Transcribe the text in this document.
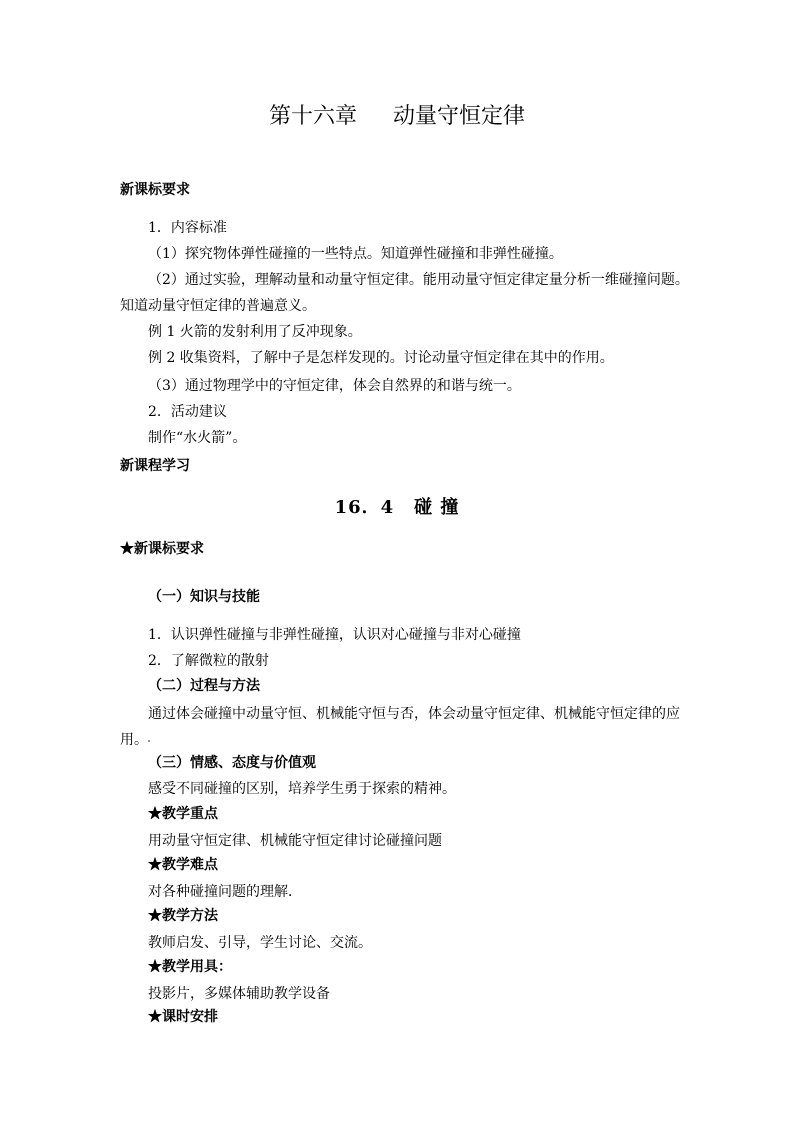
第十六章 动量守恒定律
新课标要求
1．内容标准
（1）探究物体弹性碰撞的一些特点。知道弹性碰撞和非弹性碰撞。
（2）通过实验，理解动量和动量守恒定律。能用动量守恒定律定量分析一维碰撞问题。
知道动量守恒定律的普遍意义。
例 1 火箭的发射利用了反冲现象。
例 2 收集资料，了解中子是怎样发现的。讨论动量守恒定律在其中的作用。
（3）通过物理学中的守恒定律，体会自然界的和谐与统一。
2．活动建议
制作“水火箭”。
新课程学习
16．4 碰 撞
★新课标要求
（一）知识与技能
1．认识弹性碰撞与非弹性碰撞，认识对心碰撞与非对心碰撞
2．了解微粒的散射
（二）过程与方法
通过体会碰撞中动量守恒、机械能守恒与否，体会动量守恒定律、机械能守恒定律的应
用。
（三）情感、态度与价值观
感受不同碰撞的区别，培养学生勇于探索的精神。
★教学重点
用动量守恒定律、机械能守恒定律讨论碰撞问题
★教学难点
对各种碰撞问题的理解．
★教学方法
教师启发、引导，学生讨论、交流。
★教学用具：
投影片，多媒体辅助教学设备
★课时安排
